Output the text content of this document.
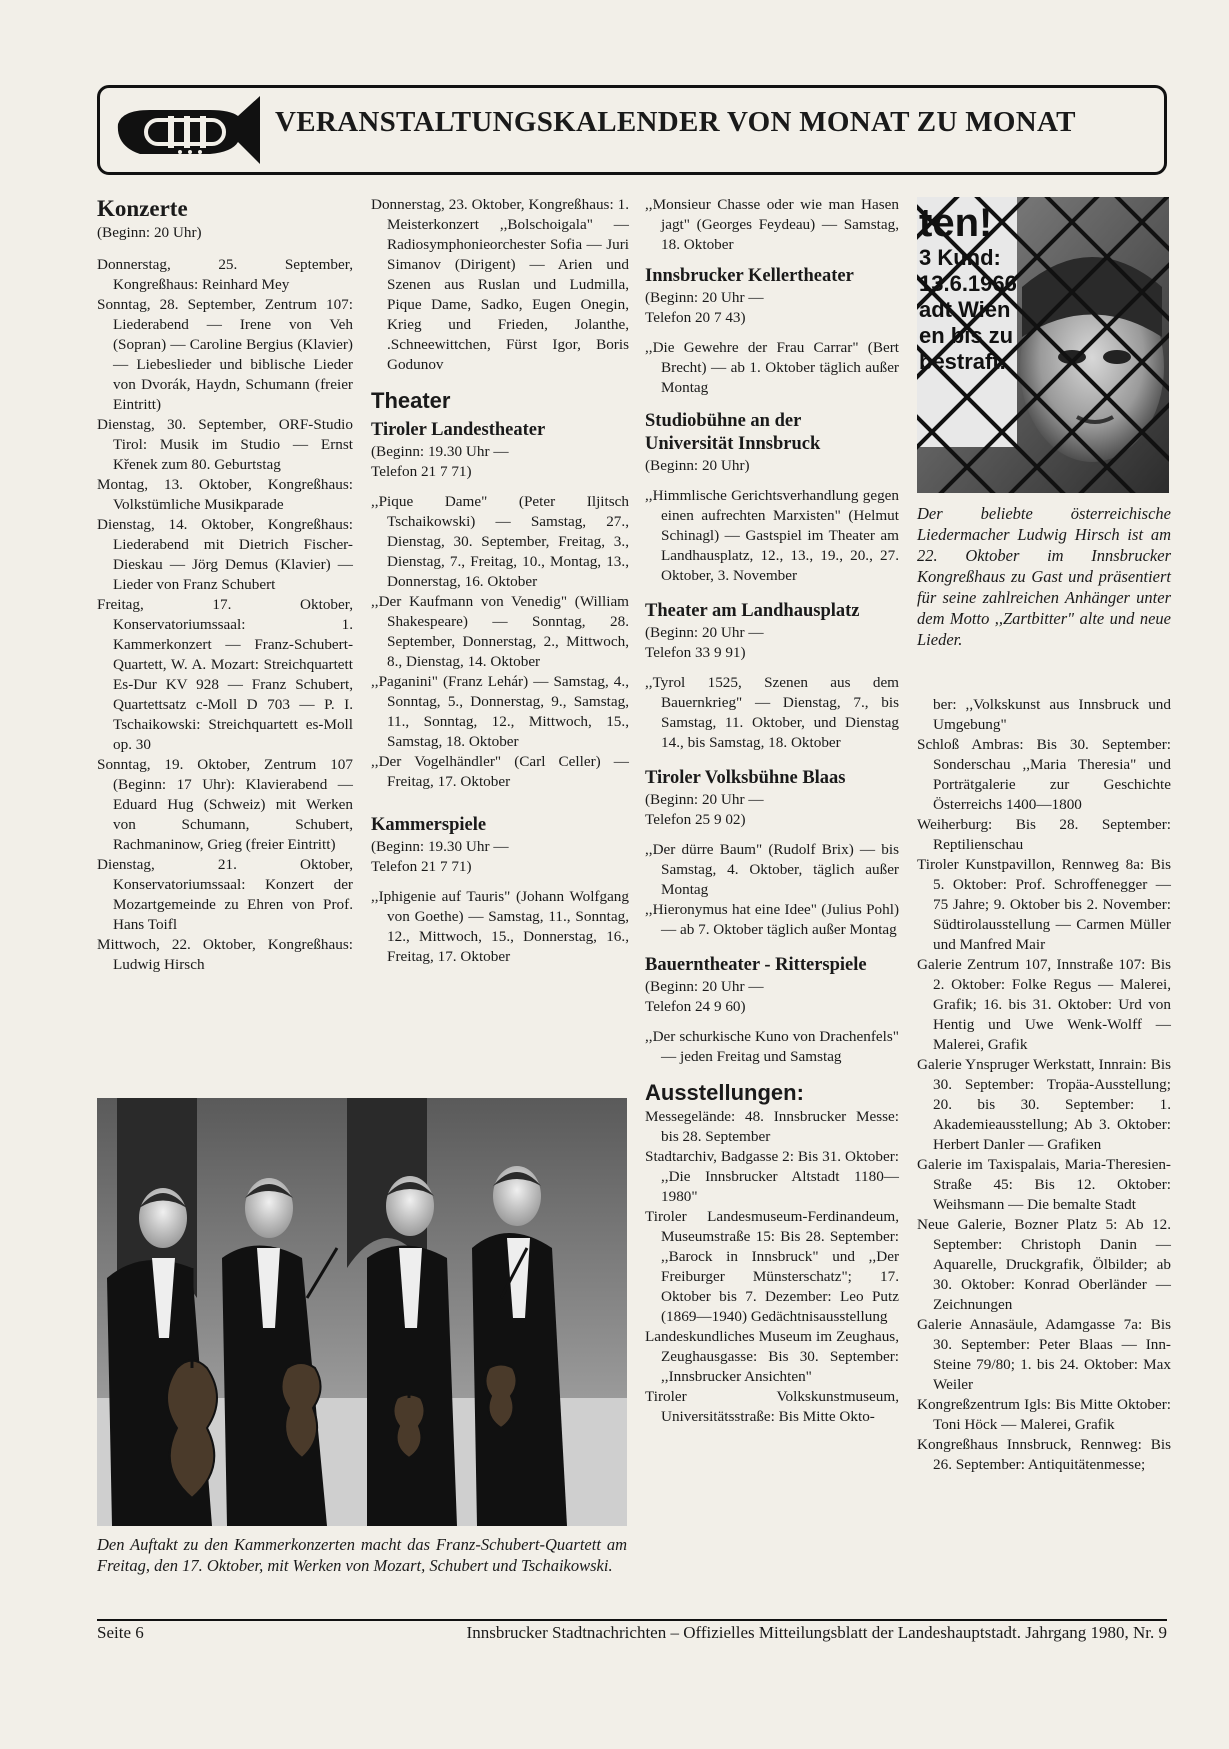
VERANSTALTUNGSKALENDER VON MONAT ZU MONAT

Konzerte

(Beginn: 20 Uhr)

Donnerstag, 25. September, Kongreßhaus: Reinhard Mey

Sonntag, 28. September, Zentrum 107: Liederabend — Irene von Veh (Sopran) — Caroline Bergius (Klavier) — Liebeslieder und biblische Lieder von Dvorák, Haydn, Schumann (freier Eintritt)

Dienstag, 30. September, ORF-Studio Tirol: Musik im Studio — Ernst Křenek zum 80. Geburtstag

Montag, 13. Oktober, Kongreßhaus: Volkstümliche Musikparade

Dienstag, 14. Oktober, Kongreßhaus: Liederabend mit Dietrich Fischer-Dieskau — Jörg Demus (Klavier) — Lieder von Franz Schubert

Freitag, 17. Oktober, Konservatoriumssaal: 1. Kammerkonzert — Franz-Schubert-Quartett, W. A. Mozart: Streichquartett Es-Dur KV 928 — Franz Schubert, Quartettsatz c-Moll D 703 — P. I. Tschaikowski: Streichquartett es-Moll op. 30

Sonntag, 19. Oktober, Zentrum 107 (Beginn: 17 Uhr): Klavierabend — Eduard Hug (Schweiz) mit Werken von Schumann, Schubert, Rachmaninow, Grieg (freier Eintritt)

Dienstag, 21. Oktober, Konservatoriumssaal: Konzert der Mozartgemeinde zu Ehren von Prof. Hans Toifl

Mittwoch, 22. Oktober, Kongreßhaus: Ludwig Hirsch

Donnerstag, 23. Oktober, Kongreßhaus: 1. Meisterkonzert ,,Bolschoigala" — Radiosymphonieorchester Sofia — Juri Simanov (Dirigent) — Arien und Szenen aus Ruslan und Ludmilla, Pique Dame, Sadko, Eugen Onegin, Krieg und Frieden, Jolanthe, .Schneewittchen, Fürst Igor, Boris Godunov

Theater

Tiroler Landestheater

(Beginn: 19.30 Uhr —

Telefon 21 7 71)

,,Pique Dame" (Peter Iljitsch Tschaikowski) — Samstag, 27., Dienstag, 30. September, Freitag, 3., Dienstag, 7., Freitag, 10., Montag, 13., Donnerstag, 16. Oktober

,,Der Kaufmann von Venedig" (William Shakespeare) — Sonntag, 28. September, Donnerstag, 2., Mittwoch, 8., Dienstag, 14. Oktober

,,Paganini" (Franz Lehár) — Samstag, 4., Sonntag, 5., Donnerstag, 9., Samstag, 11., Sonntag, 12., Mittwoch, 15., Samstag, 18. Oktober

,,Der Vogelhändler" (Carl Celler) — Freitag, 17. Oktober

Kammerspiele

(Beginn: 19.30 Uhr —

Telefon 21 7 71)

,,Iphigenie auf Tauris" (Johann Wolfgang von Goethe) — Samstag, 11., Sonntag, 12., Mittwoch, 15., Donnerstag, 16., Freitag, 17. Oktober

,,Monsieur Chasse oder wie man Hasen jagt" (Georges Feydeau) — Samstag, 18. Oktober

Innsbrucker Kellertheater

(Beginn: 20 Uhr —

Telefon 20 7 43)

,,Die Gewehre der Frau Carrar" (Bert Brecht) — ab 1. Oktober täglich außer Montag

Studiobühne an der

Universität Innsbruck

(Beginn: 20 Uhr)

,,Himmlische Gerichtsverhandlung gegen einen aufrechten Marxisten" (Helmut Schinagl) — Gastspiel im Theater am Landhausplatz, 12., 13., 19., 20., 27. Oktober, 3. November

Theater am Landhausplatz

(Beginn: 20 Uhr —

Telefon 33 9 91)

,,Tyrol 1525, Szenen aus dem Bauernkrieg" — Dienstag, 7., bis Samstag, 11. Oktober, und Dienstag 14., bis Samstag, 18. Oktober

Tiroler Volksbühne Blaas

(Beginn: 20 Uhr —

Telefon 25 9 02)

,,Der dürre Baum" (Rudolf Brix) — bis Samstag, 4. Oktober, täglich außer Montag

,,Hieronymus hat eine Idee" (Julius Pohl) — ab 7. Oktober täglich außer Montag

Bauerntheater - Ritterspiele

(Beginn: 20 Uhr —

Telefon 24 9 60)

,,Der schurkische Kuno von Drachenfels" — jeden Freitag und Samstag

Ausstellungen:

Messegelände: 48. Innsbrucker Messe: bis 28. September

Stadtarchiv, Badgasse 2: Bis 31. Oktober: ,,Die Innsbrucker Altstadt 1180—1980"

Tiroler Landesmuseum-Ferdinandeum, Museumstraße 15: Bis 28. September: ,,Barock in Innsbruck" und ,,Der Freiburger Münsterschatz"; 17. Oktober bis 7. Dezember: Leo Putz (1869—1940) Gedächtnisausstellung

Landeskundliches Museum im Zeughaus, Zeughausgasse: Bis 30. September: ,,Innsbrucker Ansichten"

Tiroler Volkskunstmuseum, Universitätsstraße: Bis Mitte Okto-

ten!
3 Kund:
13.6.1966
adt Wien
en bis zu
bestraft.
Der beliebte österreichische Liedermacher Ludwig Hirsch ist am 22. Oktober im Innsbrucker Kongreßhaus zu Gast und präsentiert für seine zahlreichen Anhänger unter dem Motto ,,Zartbitter" alte und neue Lieder.

ber: ,,Volkskunst aus Innsbruck und Umgebung"

Schloß Ambras: Bis 30. September: Sonderschau ,,Maria Theresia" und Porträtgalerie zur Geschichte Österreichs 1400—1800

Weiherburg: Bis 28. September: Reptilienschau

Tiroler Kunstpavillon, Rennweg 8a: Bis 5. Oktober: Prof. Schroffenegger — 75 Jahre; 9. Oktober bis 2. November: Südtirolausstellung — Carmen Müller und Manfred Mair

Galerie Zentrum 107, Innstraße 107: Bis 2. Oktober: Folke Regus — Malerei, Grafik; 16. bis 31. Oktober: Urd von Hentig und Uwe Wenk-Wolff — Malerei, Grafik

Galerie Ynspruger Werkstatt, Innrain: Bis 30. September: Tropäa-Ausstellung; 20. bis 30. September: 1. Akademieausstellung; Ab 3. Oktober: Herbert Danler — Grafiken

Galerie im Taxispalais, Maria-Theresien-Straße 45: Bis 12. Oktober: Weihsmann — Die bemalte Stadt

Neue Galerie, Bozner Platz 5: Ab 12. September: Christoph Danin — Aquarelle, Druckgrafik, Ölbilder; ab 30. Oktober: Konrad Oberländer — Zeichnungen

Galerie Annasäule, Adamgasse 7a: Bis 30. September: Peter Blaas — Inn-Steine 79/80; 1. bis 24. Oktober: Max Weiler

Kongreßzentrum Igls: Bis Mitte Oktober: Toni Höck — Malerei, Grafik

Kongreßhaus Innsbruck, Rennweg: Bis 26. September: Antiquitätenmesse;

Den Auftakt zu den Kammerkonzerten macht das Franz-Schubert-Quartett am Freitag, den 17. Oktober, mit Werken von Mozart, Schubert und Tschaikowski.
Seite 6	Innsbrucker Stadtnachrichten – Offizielles Mitteilungsblatt der Landeshauptstadt. Jahrgang 1980, Nr. 9
